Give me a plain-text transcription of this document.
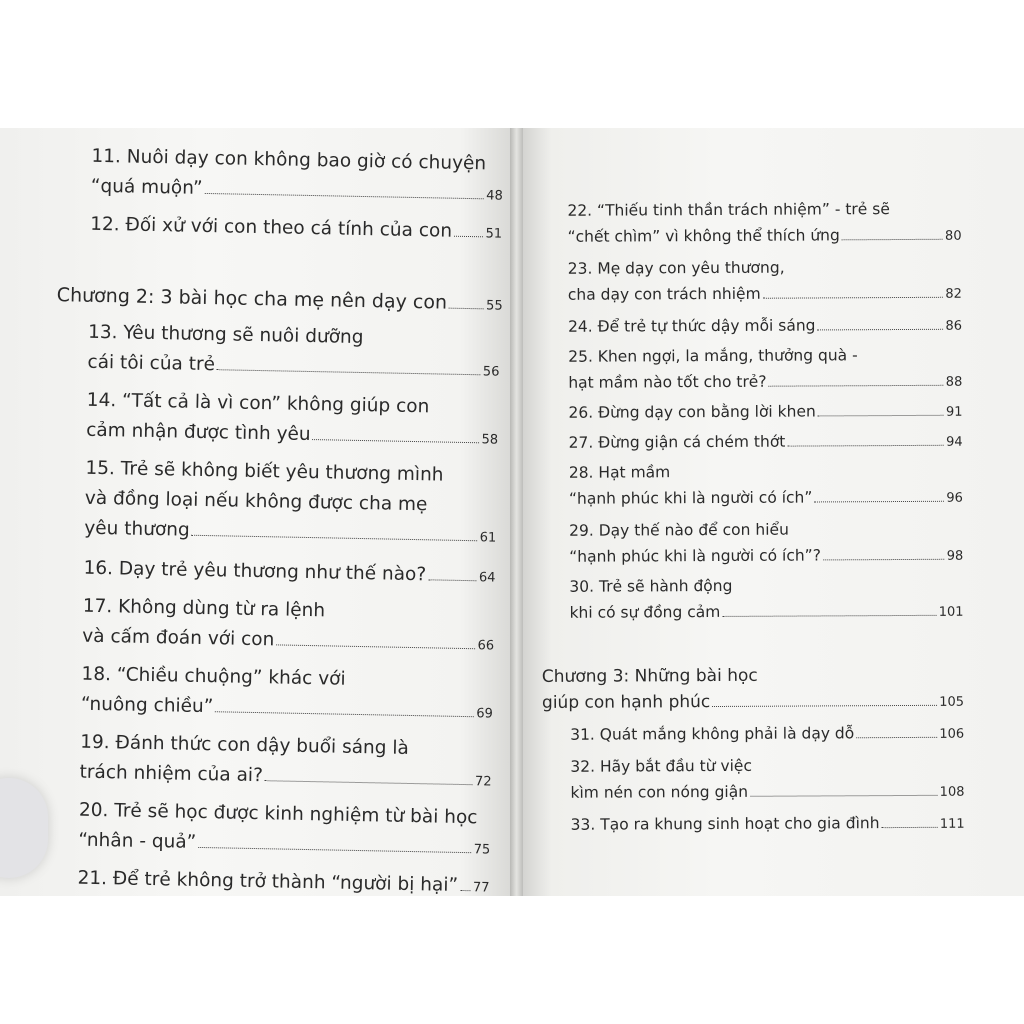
11. Nuôi dạy con không bao giờ có chuyện
“quá muộn”	48
12. Đối xử với con theo cá tính của con	51
Chương 2: 3 bài học cha mẹ nên dạy con	55
13. Yêu thương sẽ nuôi dưỡng
cái tôi của trẻ	56
14. “Tất cả là vì con” không giúp con
cảm nhận được tình yêu	58
15. Trẻ sẽ không biết yêu thương mình
và đồng loại nếu không được cha mẹ
yêu thương	61
16. Dạy trẻ yêu thương như thế nào?	64
17. Không dùng từ ra lệnh
và cấm đoán với con	66
18. “Chiều chuộng” khác với
“nuông chiều”	69
19. Đánh thức con dậy buổi sáng là
trách nhiệm của ai?	72
20. Trẻ sẽ học được kinh nghiệm từ bài học
“nhân - quả”	75
21. Để trẻ không trở thành “người bị hại” 77
22. “Thiếu tinh thần trách nhiệm” - trẻ sẽ
“chết chìm” vì không thể thích ứng	80
23. Mẹ dạy con yêu thương,
cha dạy con trách nhiệm	82
24. Để trẻ tự thức dậy mỗi sáng	86
25. Khen ngợi, la mắng, thưởng quà -
hạt mầm nào tốt cho trẻ?	88
26. Đừng dạy con bằng lời khen	91
27. Đừng giận cá chém thớt	94
28. Hạt mầm
“hạnh phúc khi là người có ích”	96
29. Dạy thế nào để con hiểu
“hạnh phúc khi là người có ích”?	98
30. Trẻ sẽ hành động
khi có sự đồng cảm	101
Chương 3: Những bài học
giúp con hạnh phúc	105
31. Quát mắng không phải là dạy dỗ	106
32. Hãy bắt đầu từ việc
kìm nén con nóng giận	108
33. Tạo ra khung sinh hoạt cho gia đình	111
